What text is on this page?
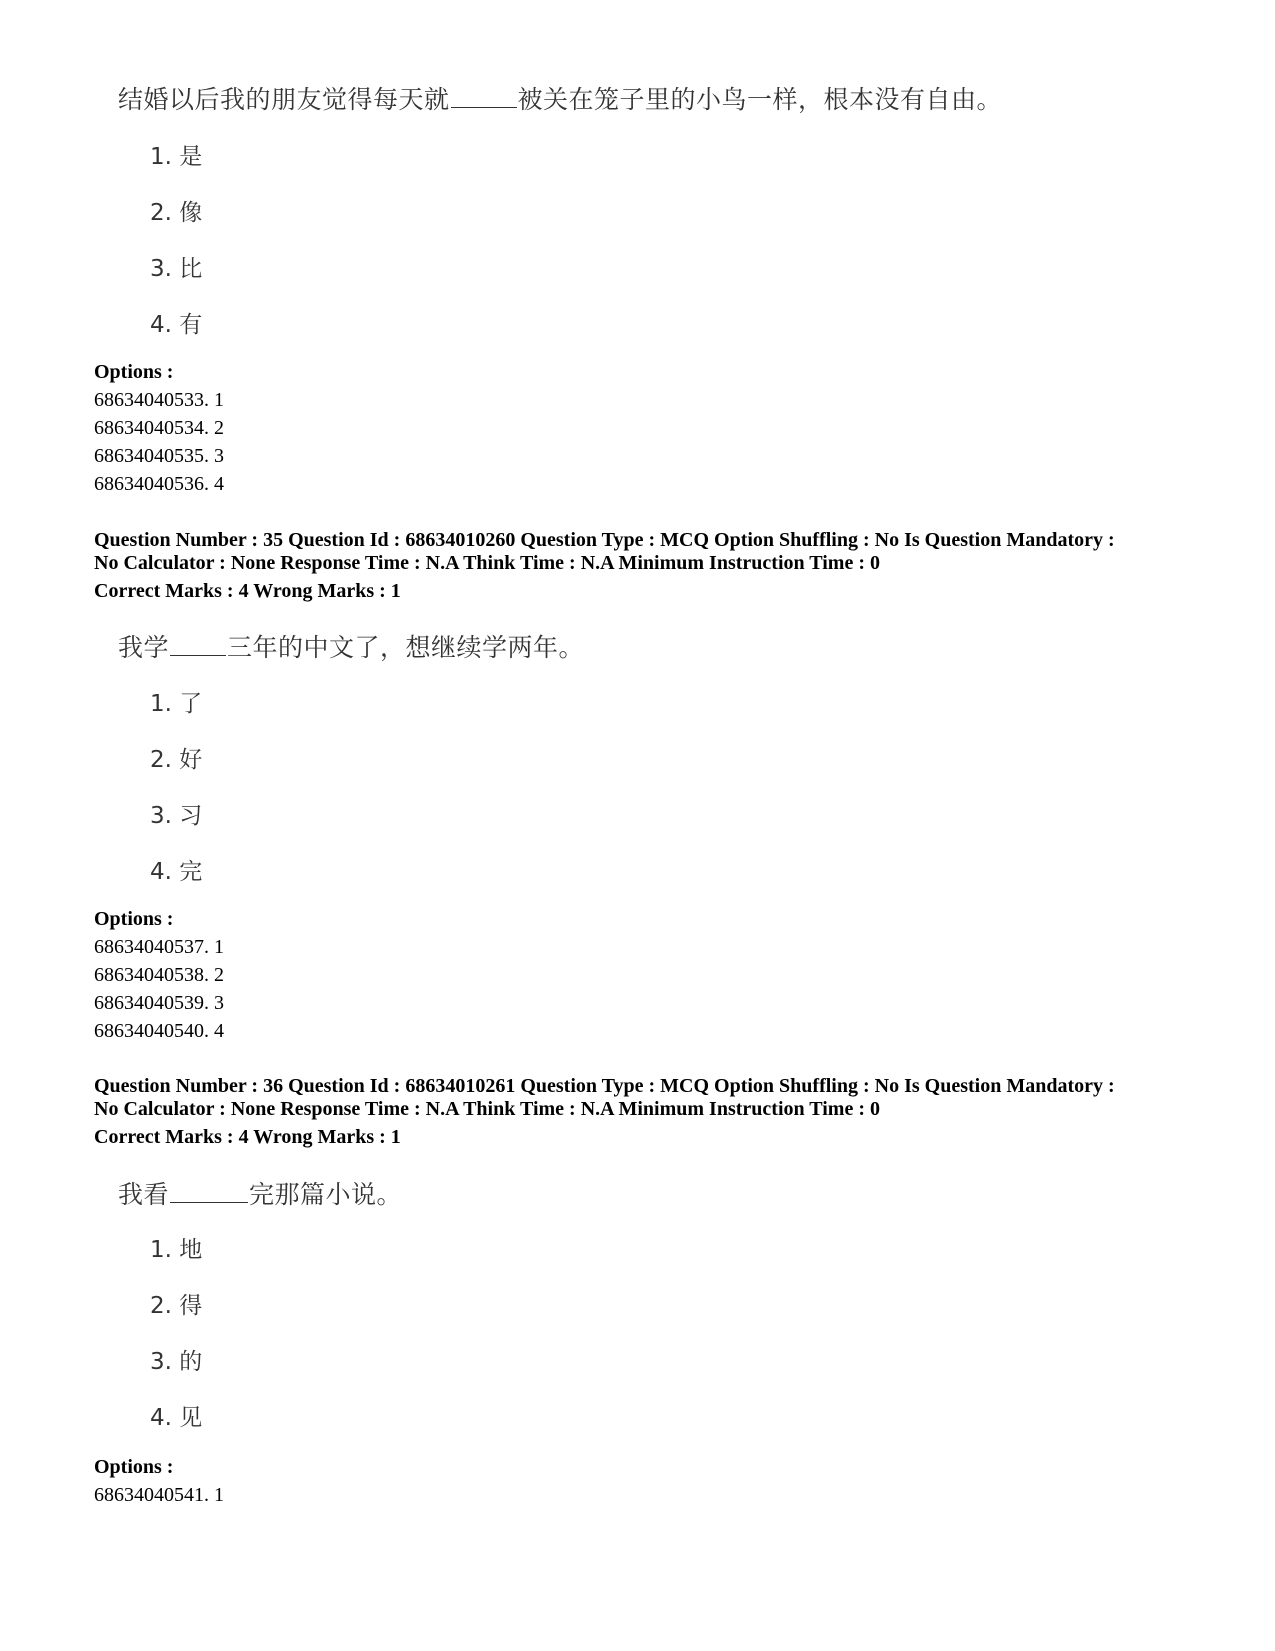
结婚以后我的朋友觉得每天就	被关在笼子里的小鸟一样，根本没有自由。
1. 是
2. 像
3. 比
4. 有
Options :
68634040533. 1
68634040534. 2
68634040535. 3
68634040536. 4
Question Number : 35 Question Id : 68634010260 Question Type : MCQ Option Shuffling : No Is Question Mandatory :
No Calculator : None Response Time : N.A Think Time : N.A Minimum Instruction Time : 0
Correct Marks : 4 Wrong Marks : 1
我学 三年的中文了，想继续学两年。
1. 了
2. 好
3. 习
4. 完
Options :
68634040537. 1
68634040538. 2
68634040539. 3
68634040540. 4
Question Number : 36 Question Id : 68634010261 Question Type : MCQ Option Shuffling : No Is Question Mandatory :
No Calculator : None Response Time : N.A Think Time : N.A Minimum Instruction Time : 0
Correct Marks : 4 Wrong Marks : 1
我看	完那篇小说。
1. 地
2. 得
3. 的
4. 见
Options :
68634040541. 1
